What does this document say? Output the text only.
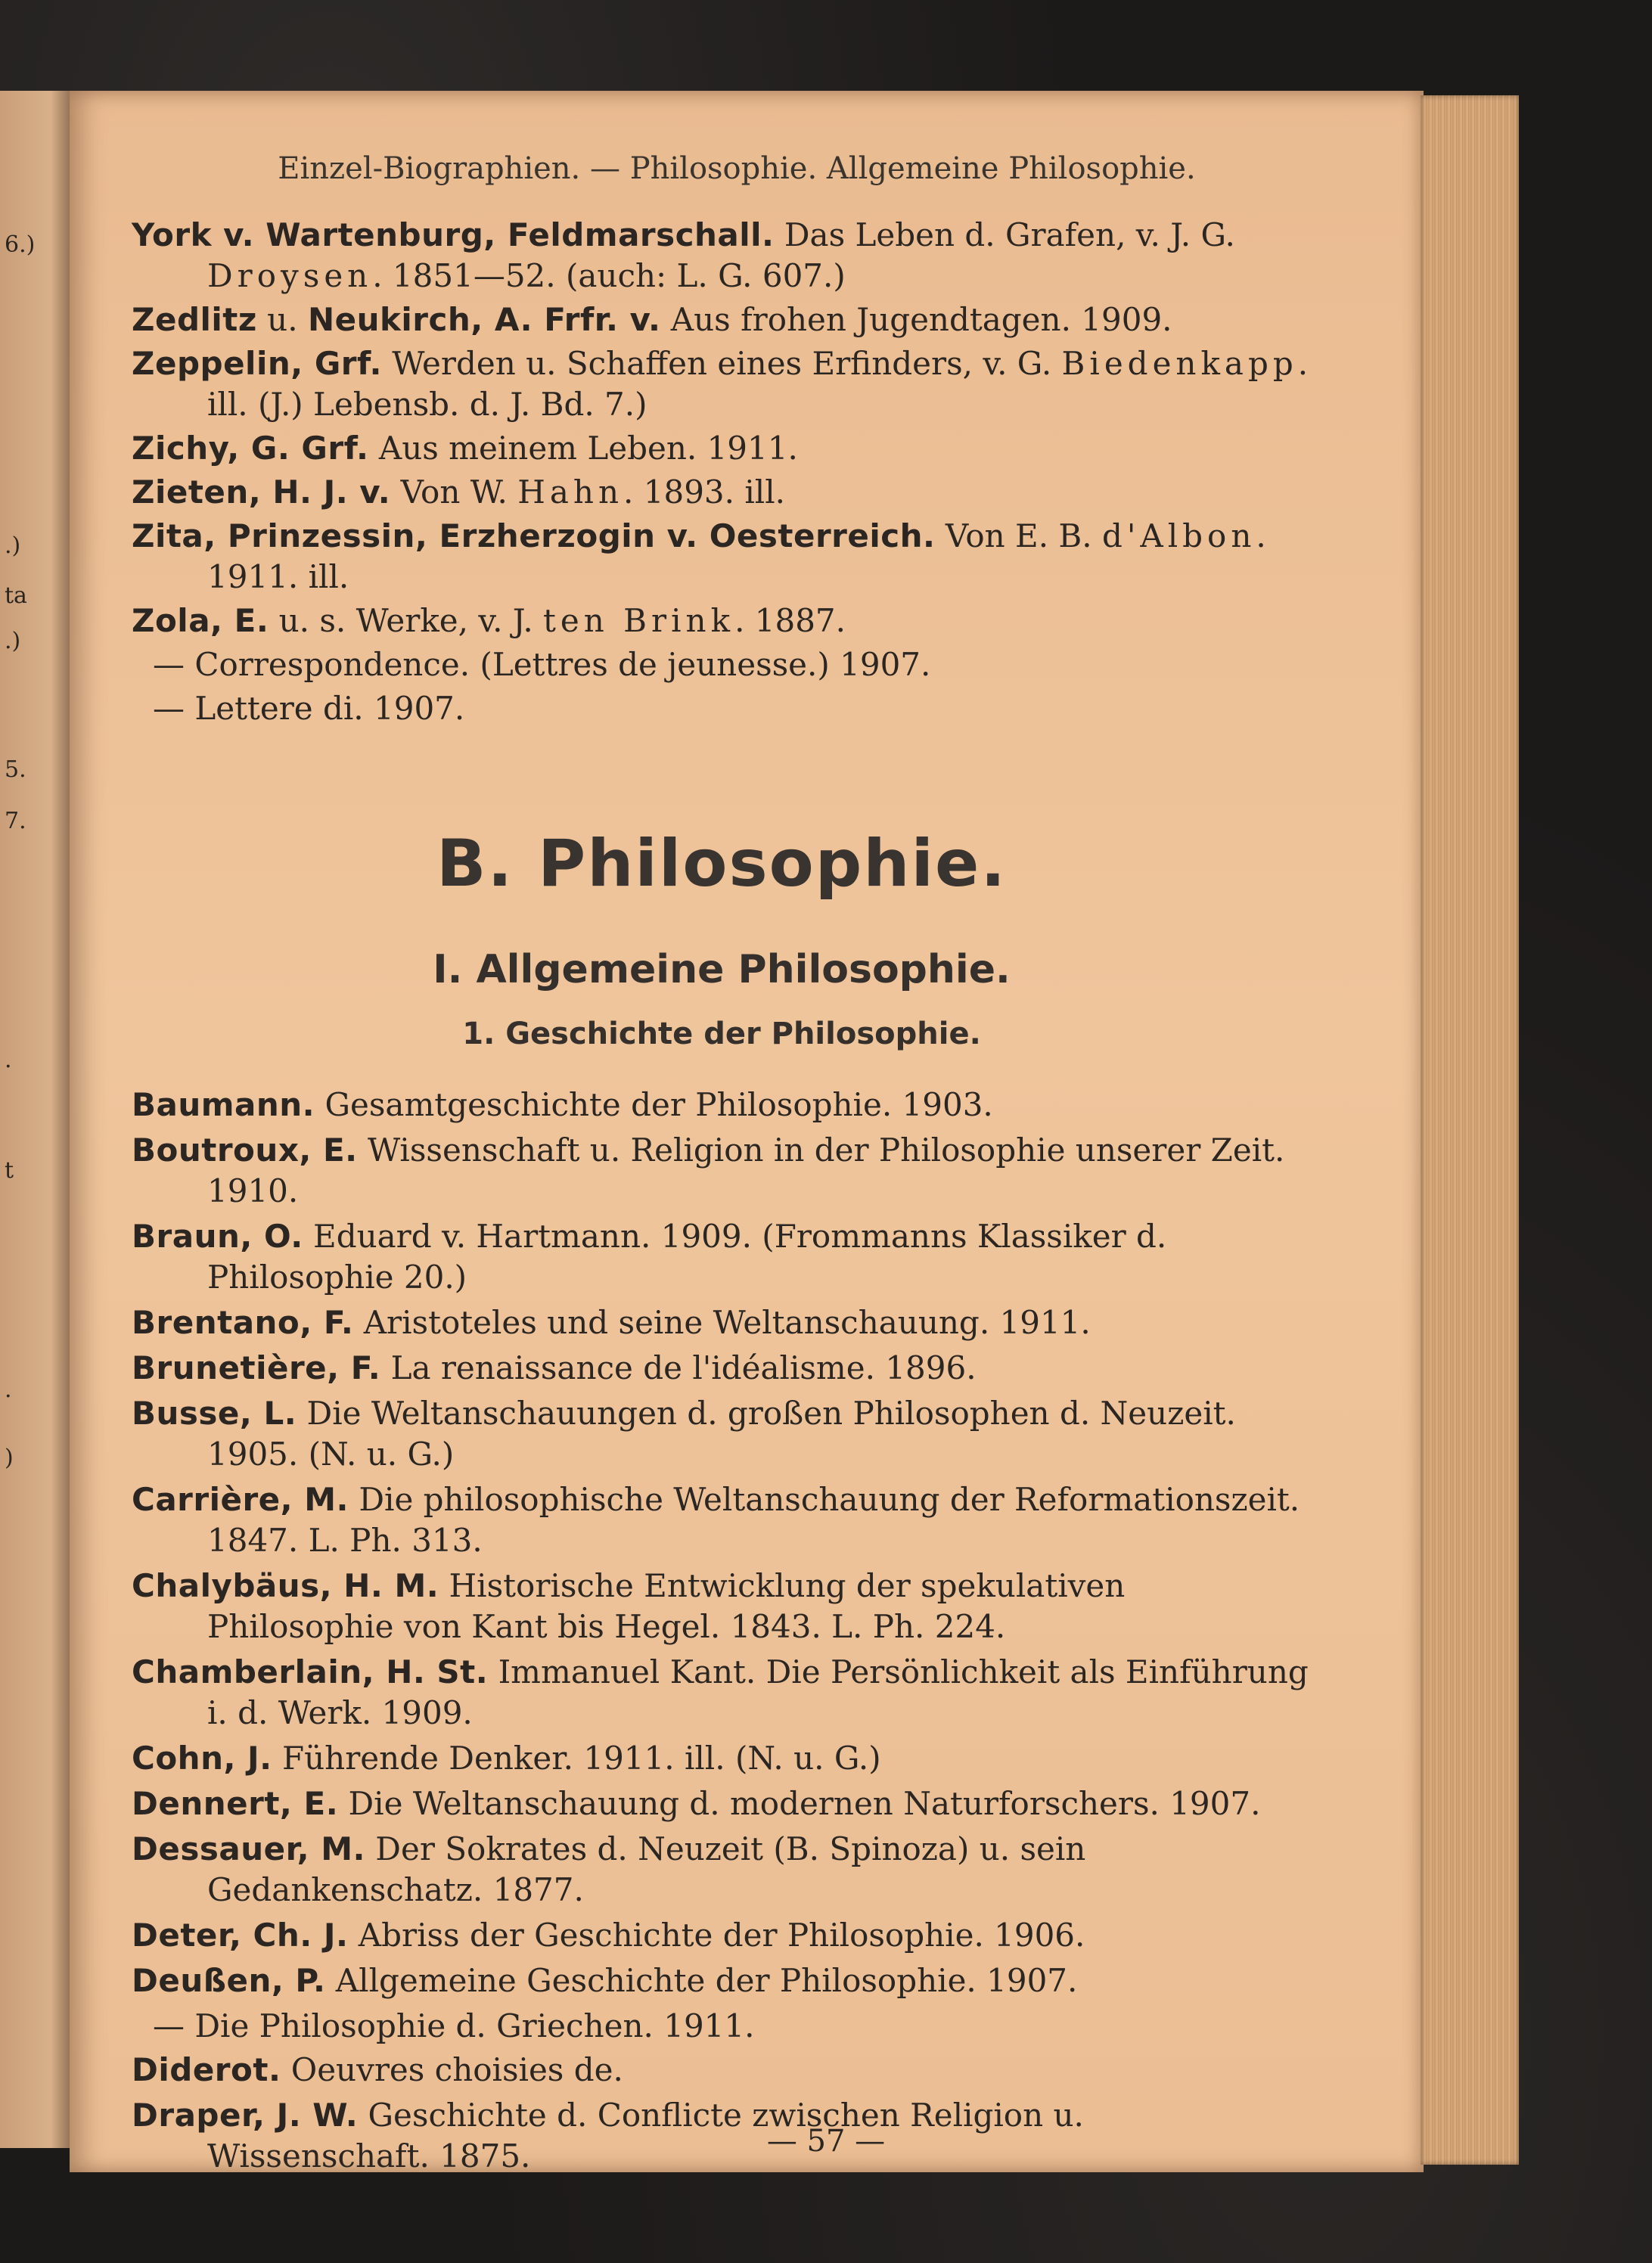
6.)
.)
ta
.)
5.
7.
.
t
.
)
Einzel-Biographien. — Philosophie. Allgemeine Philosophie.
York v. Wartenburg, Feldmarschall. Das Leben d. Grafen, v. J. G. Droysen. 1851—52. (auch: L. G. 607.)
Zedlitz u. Neukirch, A. Frfr. v. Aus frohen Jugendtagen. 1909.
Zeppelin, Grf. Werden u. Schaffen eines Erfinders, v. G. Biedenkapp. ill. (J.) Lebensb. d. J. Bd. 7.)
Zichy, G. Grf. Aus meinem Leben. 1911.
Zieten, H. J. v. Von W. Hahn. 1893. ill.
Zita, Prinzessin, Erzherzogin v. Oesterreich. Von E. B. d'Albon. 1911. ill.
Zola, E. u. s. Werke, v. J. ten Brink. 1887.
— Correspondence. (Lettres de jeunesse.) 1907.
— Lettere di. 1907.
B. Philosophie.
I. Allgemeine Philosophie.
1. Geschichte der Philosophie.
Baumann. Gesamtgeschichte der Philosophie. 1903.
Boutroux, E. Wissenschaft u. Religion in der Philosophie unserer Zeit. 1910.
Braun, O. Eduard v. Hartmann. 1909. (Frommanns Klassiker d. Philosophie 20.)
Brentano, F. Aristoteles und seine Weltanschauung. 1911.
Brunetière, F. La renaissance de l'idéalisme. 1896.
Busse, L. Die Weltanschauungen d. großen Philosophen d. Neuzeit. 1905. (N. u. G.)
Carrière, M. Die philosophische Weltanschauung der Reformationszeit. 1847. L. Ph. 313.
Chalybäus, H. M. Historische Entwicklung der spekulativen Philosophie von Kant bis Hegel. 1843. L. Ph. 224.
Chamberlain, H. St. Immanuel Kant. Die Persönlichkeit als Einführung i. d. Werk. 1909.
Cohn, J. Führende Denker. 1911. ill. (N. u. G.)
Dennert, E. Die Weltanschauung d. modernen Naturforschers. 1907.
Dessauer, M. Der Sokrates d. Neuzeit (B. Spinoza) u. sein Gedankenschatz. 1877.
Deter, Ch. J. Abriss der Geschichte der Philosophie. 1906.
Deußen, P. Allgemeine Geschichte der Philosophie. 1907.
— Die Philosophie d. Griechen. 1911.
Diderot. Oeuvres choisies de.
Draper, J. W. Geschichte d. Conflicte zwischen Religion u. Wissenschaft. 1875.	— 57 —
